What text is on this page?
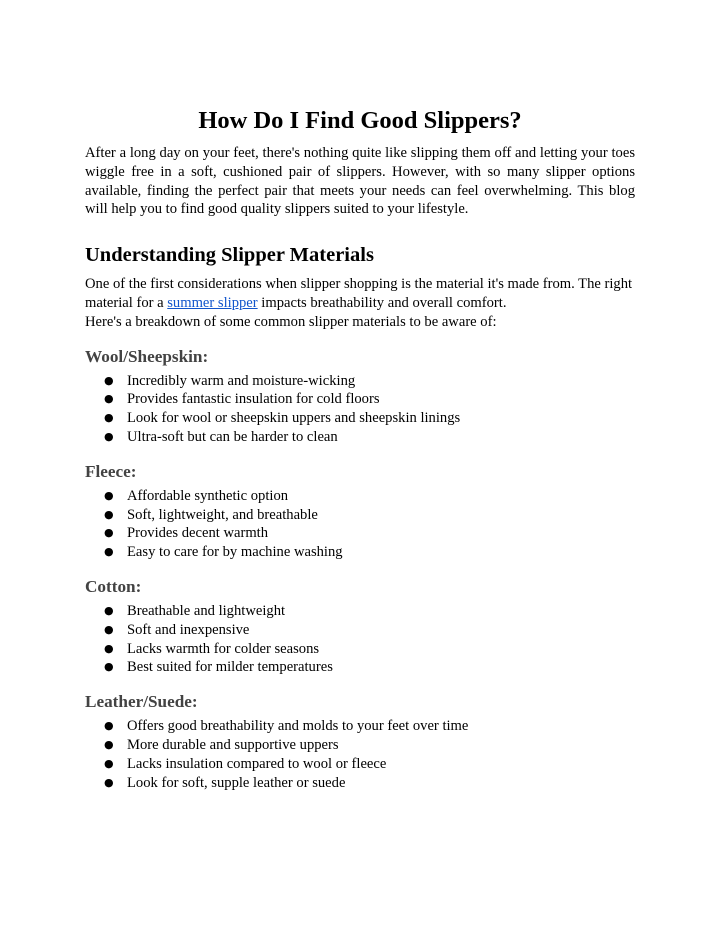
How Do I Find Good Slippers?

After a long day on your feet, there's nothing quite like slipping them off and letting your toes wiggle free in a soft, cushioned pair of slippers. However, with so many slipper options available, finding the perfect pair that meets your needs can feel overwhelming. This blog will help you to find good quality slippers suited to your lifestyle.

Understanding Slipper Materials

One of the first considerations when slipper shopping is the material it's made from. The right material for a summer slipper impacts breathability and overall comfort.
Here's a breakdown of some common slipper materials to be aware of:

Wool/Sheepskin:
● Incredibly warm and moisture-wicking
● Provides fantastic insulation for cold floors
● Look for wool or sheepskin uppers and sheepskin linings
● Ultra-soft but can be harder to clean
Fleece:
● Affordable synthetic option
● Soft, lightweight, and breathable
● Provides decent warmth
● Easy to care for by machine washing
Cotton:
● Breathable and lightweight
● Soft and inexpensive
● Lacks warmth for colder seasons
● Best suited for milder temperatures
Leather/Suede:
● Offers good breathability and molds to your feet over time
● More durable and supportive uppers
● Lacks insulation compared to wool or fleece
● Look for soft, supple leather or suede
